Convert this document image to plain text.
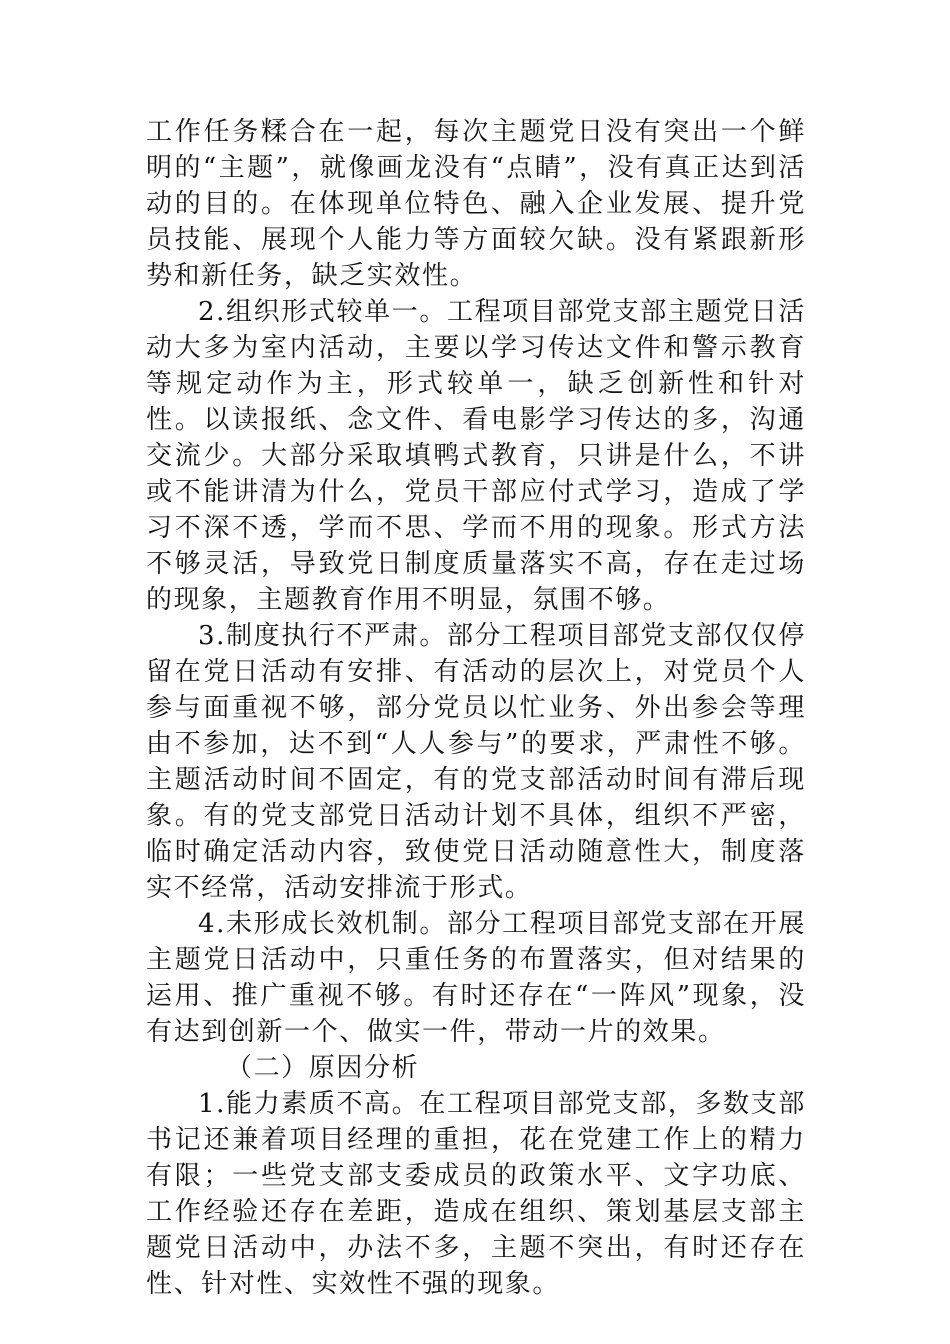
工作任务糅合在一起，每次主题党日没有突出一个鲜明的“主题”，就像画龙没有“点睛”，没有真正达到活动的目的。在体现单位特色、融入企业发展、提升党员技能、展现个人能力等方面较欠缺。没有紧跟新形势和新任务，缺乏实效性。

2.组织形式较单一。工程项目部党支部主题党日活动大多为室内活动，主要以学习传达文件和警示教育等规定动作为主，形式较单一，缺乏创新性和针对性。以读报纸、念文件、看电影学习传达的多，沟通交流少。大部分采取填鸭式教育，只讲是什么，不讲或不能讲清为什么，党员干部应付式学习，造成了学习不深不透，学而不思、学而不用的现象。形式方法不够灵活，导致党日制度质量落实不高，存在走过场的现象，主题教育作用不明显，氛围不够。

3.制度执行不严肃。部分工程项目部党支部仅仅停留在党日活动有安排、有活动的层次上，对党员个人参与面重视不够，部分党员以忙业务、外出参会等理由不参加，达不到“人人参与”的要求，严肃性不够。主题活动时间不固定，有的党支部活动时间有滞后现象。有的党支部党日活动计划不具体，组织不严密，临时确定活动内容，致使党日活动随意性大，制度落实不经常，活动安排流于形式。

4.未形成长效机制。部分工程项目部党支部在开展主题党日活动中，只重任务的布置落实，但对结果的运用、推广重视不够。有时还存在“一阵风”现象，没有达到创新一个、做实一件，带动一片的效果。

（二）原因分析

1.能力素质不高。在工程项目部党支部，多数支部书记还兼着项目经理的重担，花在党建工作上的精力有限；一些党支部支委成员的政策水平、文字功底、工作经验还存在差距，造成在组织、策划基层支部主题党日活动中，办法不多，主题不突出，有时还存在性、针对性、实效性不强的现象。
